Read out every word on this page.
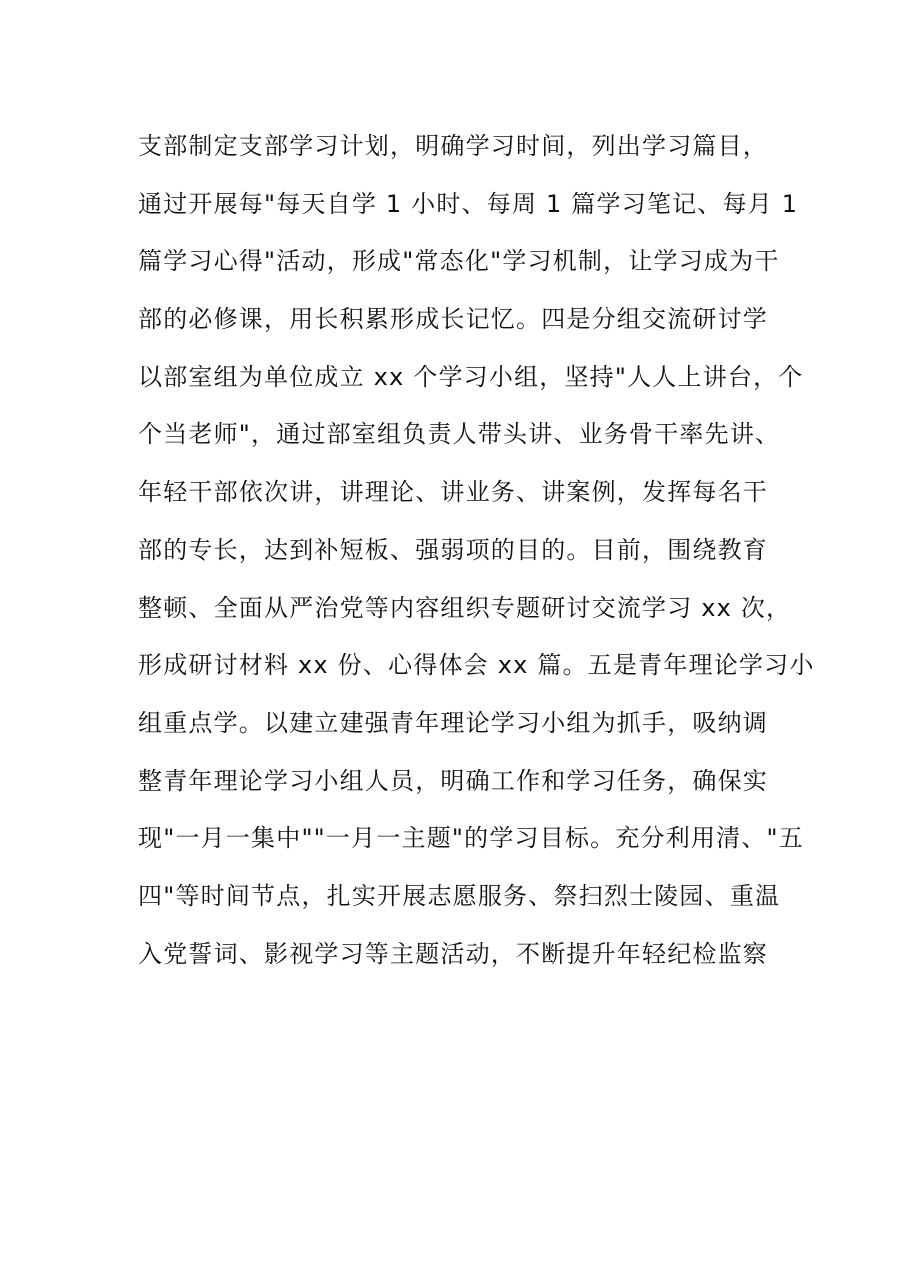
支部制定支部学习计划，明确学习时间，列出学习篇目，
通过开展每"每天自学 1 小时、每周 1 篇学习笔记、每月 1
篇学习心得"活动，形成"常态化"学习机制，让学习成为干
部的必修课，用长积累形成长记忆。四是分组交流研讨学
以部室组为单位成立 xx 个学习小组，坚持"人人上讲台，个
个当老师"，通过部室组负责人带头讲、业务骨干率先讲、
年轻干部依次讲，讲理论、讲业务、讲案例，发挥每名干
部的专长，达到补短板、强弱项的目的。目前，围绕教育
整顿、全面从严治党等内容组织专题研讨交流学习 xx 次，
形成研讨材料 xx 份、心得体会 xx 篇。五是青年理论学习小
组重点学。以建立建强青年理论学习小组为抓手，吸纳调
整青年理论学习小组人员，明确工作和学习任务，确保实
现"一月一集中""一月一主题"的学习目标。充分利用清、"五
四"等时间节点，扎实开展志愿服务、祭扫烈士陵园、重温
入党誓词、影视学习等主题活动，不断提升年轻纪检监察
